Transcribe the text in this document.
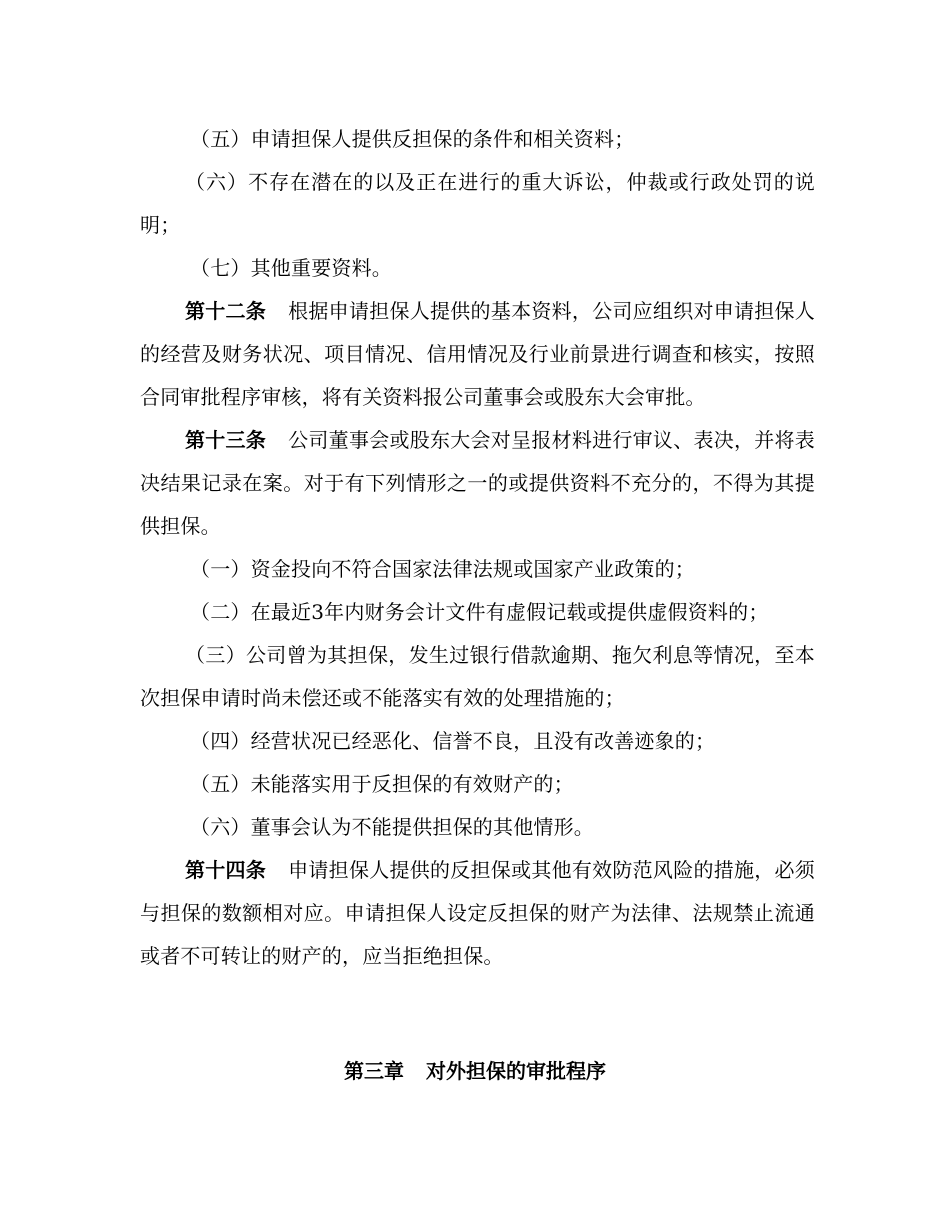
（五）申请担保人提供反担保的条件和相关资料；

（六）不存在潜在的以及正在进行的重大诉讼，仲裁或行政处罚的说明；

（七）其他重要资料。

第十二条 根据申请担保人提供的基本资料，公司应组织对申请担保人的经营及财务状况、项目情况、信用情况及行业前景进行调查和核实，按照合同审批程序审核，将有关资料报公司董事会或股东大会审批。

第十三条 公司董事会或股东大会对呈报材料进行审议、表决，并将表决结果记录在案。对于有下列情形之一的或提供资料不充分的，不得为其提供担保。

（一）资金投向不符合国家法律法规或国家产业政策的；

（二）在最近3年内财务会计文件有虚假记载或提供虚假资料的；

（三）公司曾为其担保，发生过银行借款逾期、拖欠利息等情况，至本次担保申请时尚未偿还或不能落实有效的处理措施的；

（四）经营状况已经恶化、信誉不良，且没有改善迹象的；

（五）未能落实用于反担保的有效财产的；

（六）董事会认为不能提供担保的其他情形。

第十四条 申请担保人提供的反担保或其他有效防范风险的措施，必须与担保的数额相对应。申请担保人设定反担保的财产为法律、法规禁止流通或者不可转让的财产的，应当拒绝担保。

第三章 对外担保的审批程序
